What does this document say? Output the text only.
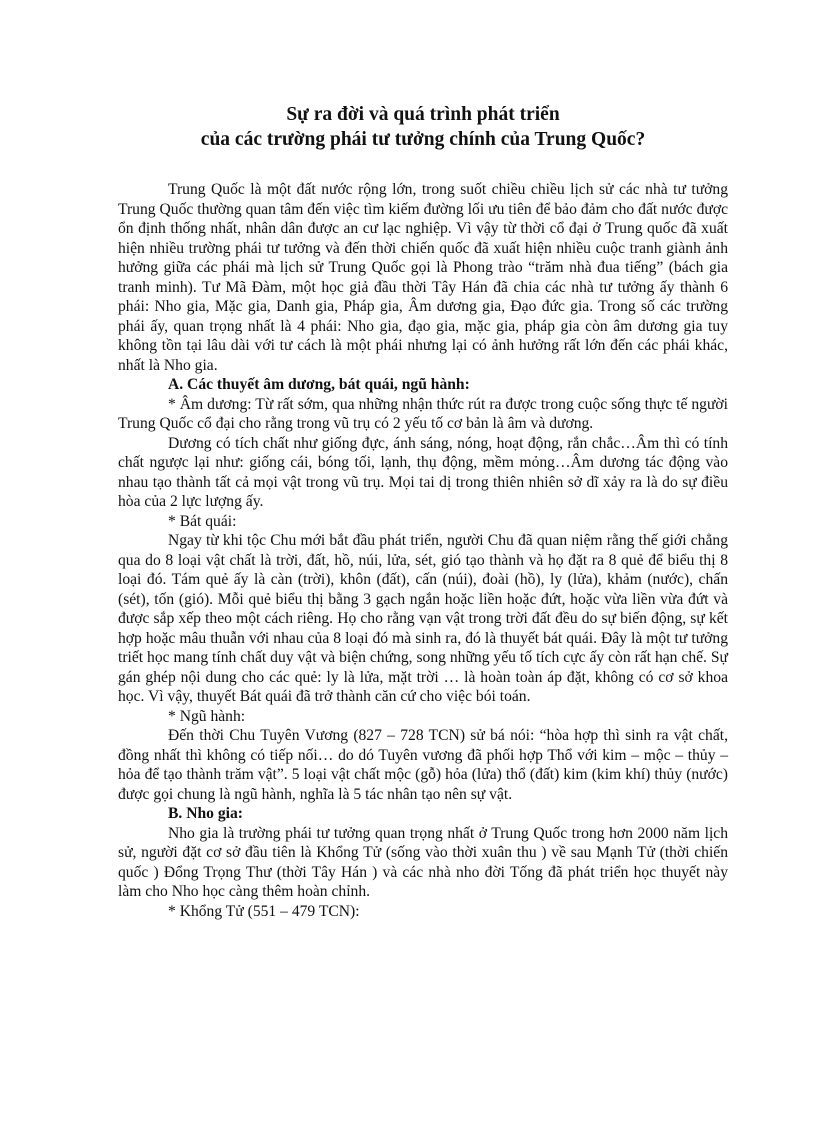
Sự ra đời và quá trình phát triển
của các trường phái tư tưởng chính của Trung Quốc?

Trung Quốc là một đất nước rộng lớn, trong suốt chiều chiều lịch sử các nhà tư tưởng Trung Quốc thường quan tâm đến việc tìm kiếm đường lối ưu tiên để bảo đảm cho đất nước được ổn định thống nhất, nhân dân được an cư lạc nghiệp. Vì vậy từ thời cổ đại ở Trung quốc đã xuất hiện nhiều trường phái tư tưởng và đến thời chiến quốc đã xuất hiện nhiều cuộc tranh giành ảnh hưởng giữa các phái mà lịch sử Trung Quốc gọi là Phong trào “trăm nhà đua tiếng” (bách gia tranh minh). Tư Mã Đàm, một học giả đầu thời Tây Hán đã chia các nhà tư tưởng ấy thành 6 phái: Nho gia, Mặc gia, Danh gia, Pháp gia, Âm dương gia, Đạo đức gia. Trong số các trường phái ấy, quan trọng nhất là 4 phái: Nho gia, đạo gia, mặc gia, pháp gia còn âm dương gia tuy không tồn tại lâu dài với tư cách là một phái nhưng lại có ảnh hưởng rất lớn đến các phái khác, nhất là Nho gia.

A. Các thuyết âm dương, bát quái, ngũ hành:

* Âm dương: Từ rất sớm, qua những nhận thức rút ra được trong cuộc sống thực tế người Trung Quốc cổ đại cho rằng trong vũ trụ có 2 yếu tố cơ bản là âm và dương.

Dương có tích chất như giống đực, ánh sáng, nóng, hoạt động, rắn chắc…Âm thì có tính chất ngược lại như: giống cái, bóng tối, lạnh, thụ động, mềm mỏng…Âm dương tác động vào nhau tạo thành tất cả mọi vật trong vũ trụ. Mọi tai dị trong thiên nhiên sở dĩ xảy ra là do sự điều hòa của 2 lực lượng ấy.

* Bát quái:

Ngay từ khi tộc Chu mới bắt đầu phát triển, người Chu đã quan niệm rằng thế giới chẳng qua do 8 loại vật chất là trời, đất, hồ, núi, lửa, sét, gió tạo thành và họ đặt ra 8 quẻ để biểu thị 8 loại đó. Tám quẻ ấy là càn (trời), khôn (đất), cấn (núi), đoài (hồ), ly (lửa), khảm (nước), chấn (sét), tốn (gió). Mỗi quẻ biểu thị bằng 3 gạch ngắn hoặc liền hoặc đứt, hoặc vừa liền vừa đứt và được sắp xếp theo một cách riêng. Họ cho rằng vạn vật trong trời đất đều do sự biến động, sự kết hợp hoặc mâu thuẫn với nhau của 8 loại đó mà sinh ra, đó là thuyết bát quái. Đây là một tư tưởng triết học mang tính chất duy vật và biện chứng, song những yếu tố tích cực ấy còn rất hạn chế. Sự gán ghép nội dung cho các quẻ: ly là lửa, mặt trời … là hoàn toàn áp đặt, không có cơ sở khoa học. Vì vậy, thuyết Bát quái đã trở thành căn cứ cho việc bói toán.

* Ngũ hành:

Đến thời Chu Tuyên Vương (827 – 728 TCN) sử bá nói: “hòa hợp thì sinh ra vật chất, đồng nhất thì không có tiếp nối… do dó Tuyên vương đã phối hợp Thổ với kim – mộc – thủy – hỏa để tạo thành trăm vật”. 5 loại vật chất mộc (gỗ) hỏa (lửa) thổ (đất) kim (kim khí) thủy (nước) được gọi chung là ngũ hành, nghĩa là 5 tác nhân tạo nên sự vật.

B. Nho gia:

Nho gia là trường phái tư tưởng quan trọng nhất ở Trung Quốc trong hơn 2000 năm lịch sử, người đặt cơ sở đầu tiên là Khổng Tử (sống vào thời xuân thu ) về sau Mạnh Tử (thời chiến quốc ) Đổng Trọng Thư (thời Tây Hán ) và các nhà nho đời Tống đã phát triển học thuyết này làm cho Nho học càng thêm hoàn chỉnh.

* Khổng Tử (551 – 479 TCN):
